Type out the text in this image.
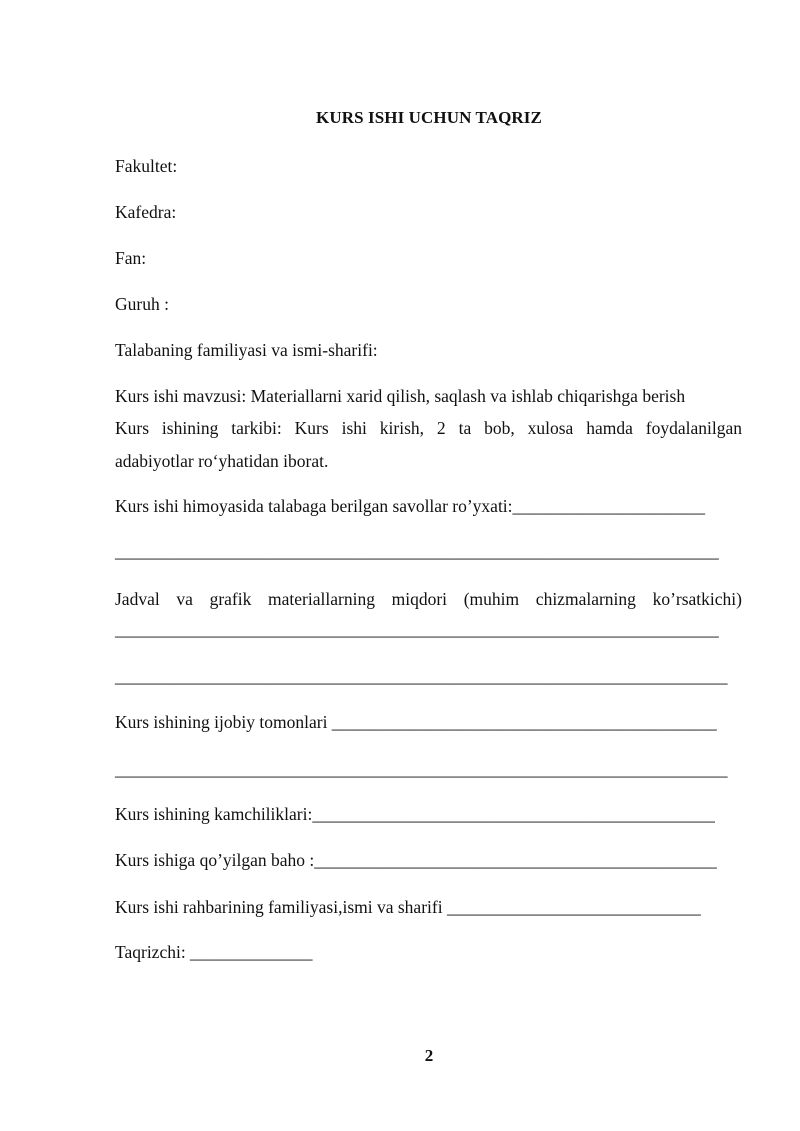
KURS ISHI UCHUN TAQRIZ
Fakultet:
Kafedra:
Fan:
Guruh :
Talabaning familiyasi va ismi-sharifi:
Kurs ishi mavzusi: Materiallarni xarid qilish, saqlash va ishlab chiqarishga berish
Kurs ishining tarkibi: Kurs ishi kirish, 2 ta bob, xulosa hamda foydalanilgan
adabiyotlar ro‘yhatidan iborat.
Kurs ishi himoyasida talabaga berilgan savollar ro’yxati:______________________
_____________________________________________________________________
Jadval va grafik materiallarning miqdori (muhim chizmalarning ko’rsatkichi)
_____________________________________________________________________
______________________________________________________________________
Kurs ishining ijobiy tomonlari ____________________________________________
______________________________________________________________________
Kurs ishining kamchiliklari:______________________________________________
Kurs ishiga qo’yilgan baho :______________________________________________
Kurs ishi rahbarining familiyasi,ismi va sharifi _____________________________
Taqrizchi: ______________
2
